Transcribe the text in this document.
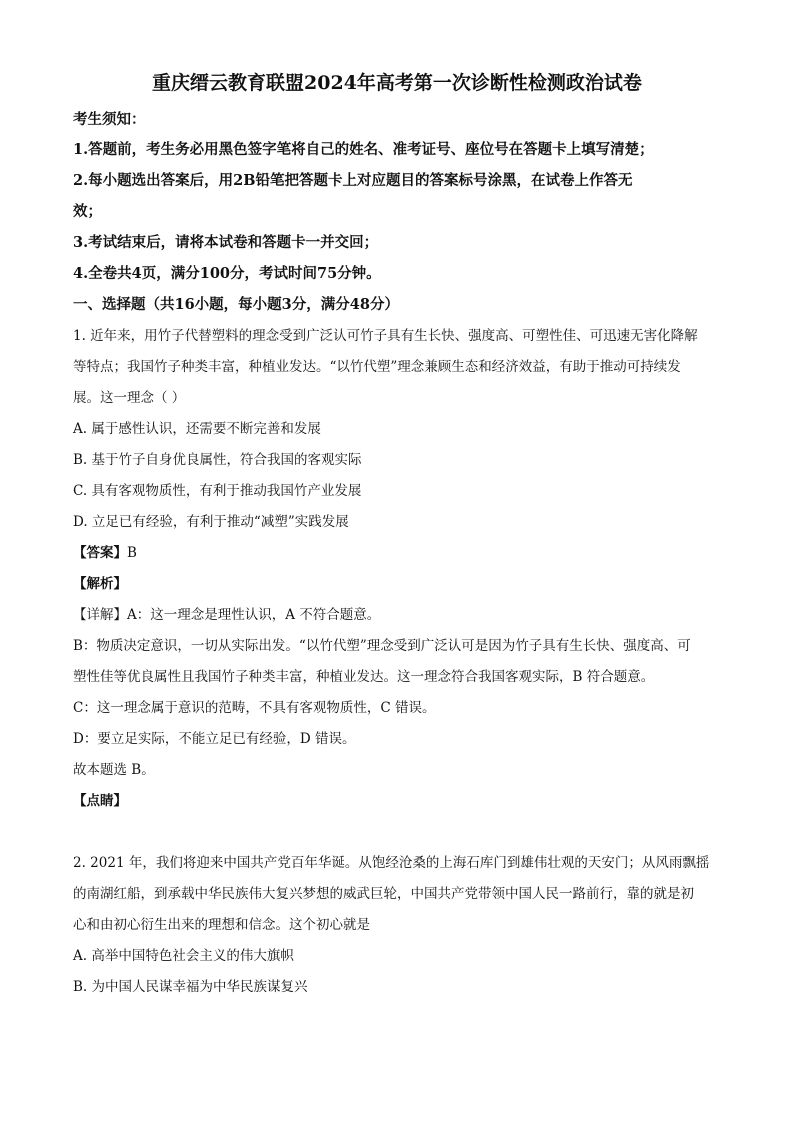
重庆缙云教育联盟2024年高考第一次诊断性检测政治试卷
考生须知：
1.答题前，考生务必用黑色签字笔将自己的姓名、准考证号、座位号在答题卡上填写清楚；
2.每小题选出答案后，用2B铅笔把答题卡上对应题目的答案标号涂黑，在试卷上作答无
效；
3.考试结束后，请将本试卷和答题卡一并交回；
4.全卷共4页，满分100分，考试时间75分钟。
一、选择题（共16小题，每小题3分，满分48分）
1. 近年来，用竹子代替塑料的理念受到广泛认可竹子具有生长快、强度高、可塑性佳、可迅速无害化降解
等特点；我国竹子种类丰富，种植业发达。“以竹代塑”理念兼顾生态和经济效益，有助于推动可持续发
展。这一理念（ ）
A. 属于感性认识，还需要不断完善和发展
B. 基于竹子自身优良属性，符合我国的客观实际
C. 具有客观物质性，有利于推动我国竹产业发展
D. 立足已有经验，有利于推动“减塑”实践发展
【答案】B
【解析】
【详解】A：这一理念是理性认识，A 不符合题意。
B：物质决定意识，一切从实际出发。“以竹代塑”理念受到广泛认可是因为竹子具有生长快、强度高、可
塑性佳等优良属性且我国竹子种类丰富，种植业发达。这一理念符合我国客观实际，B 符合题意。
C：这一理念属于意识的范畴，不具有客观物质性，C 错误。
D：要立足实际，不能立足已有经验，D 错误。
故本题选 B。
【点睛】
2. 2021 年，我们将迎来中国共产党百年华诞。从饱经沧桑的上海石库门到雄伟壮观的天安门；从风雨飘摇
的南湖红船，到承载中华民族伟大复兴梦想的威武巨轮，中国共产党带领中国人民一路前行，靠的就是初
心和由初心衍生出来的理想和信念。这个初心就是
A. 高举中国特色社会主义的伟大旗帜
B. 为中国人民谋幸福为中华民族谋复兴
